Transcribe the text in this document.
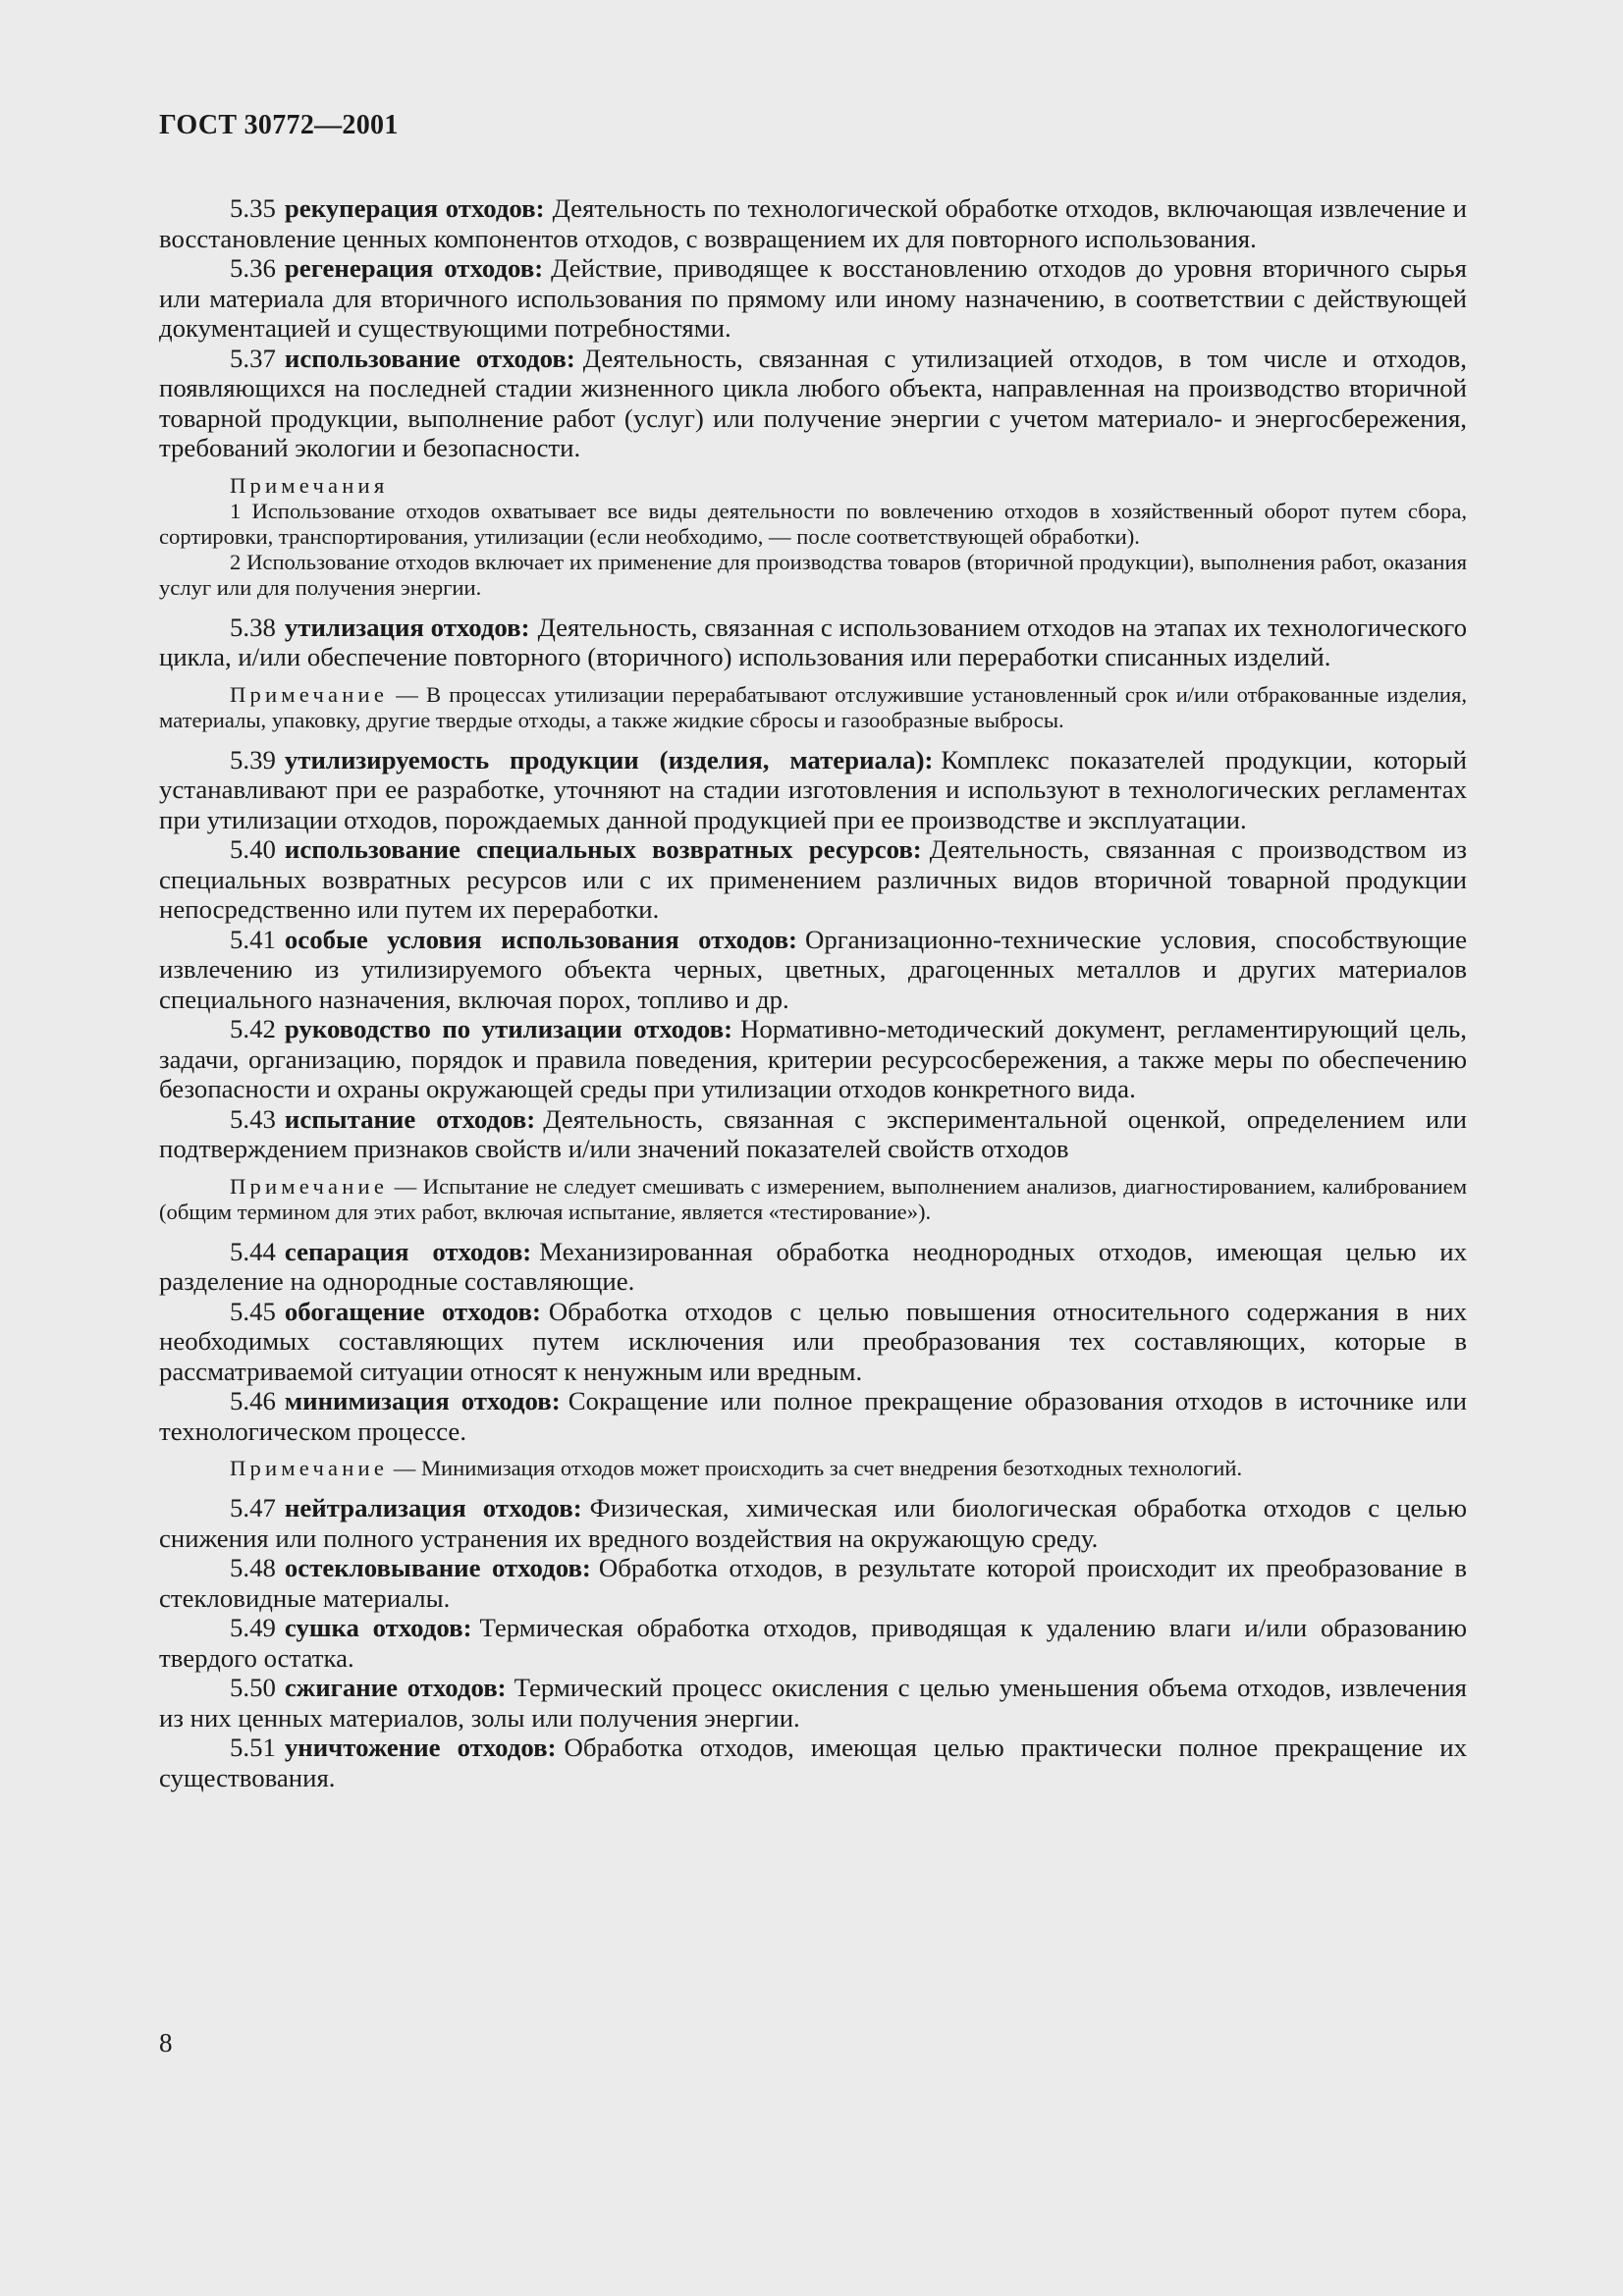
ГОСТ 30772—2001

5.35 рекуперация отходов: Деятельность по технологической обработке отходов, включающая извлечение и восстановление ценных компонентов отходов, с возвращением их для повторного использования.

5.36 регенерация отходов: Действие, приводящее к восстановлению отходов до уровня вторичного сырья или материала для вторичного использования по прямому или иному назначению, в соответствии с действующей документацией и существующими потребностями.

5.37 использование отходов: Деятельность, связанная с утилизацией отходов, в том числе и отходов, появляющихся на последней стадии жизненного цикла любого объекта, направленная на производство вторичной товарной продукции, выполнение работ (услуг) или получение энергии с учетом материало- и энергосбережения, требований экологии и безопасности.

Примечания

1 Использование отходов охватывает все виды деятельности по вовлечению отходов в хозяйственный оборот путем сбора, сортировки, транспортирования, утилизации (если необходимо, — после соответствующей обработки).

2 Использование отходов включает их применение для производства товаров (вторичной продукции), выполнения работ, оказания услуг или для получения энергии.

5.38 утилизация отходов: Деятельность, связанная с использованием отходов на этапах их технологического цикла, и/или обеспечение повторного (вторичного) использования или переработки списанных изделий.

Примечание — В процессах утилизации перерабатывают отслужившие установленный срок и/или отбракованные изделия, материалы, упаковку, другие твердые отходы, а также жидкие сбросы и газообразные выбросы.

5.39 утилизируемость продукции (изделия, материала): Комплекс показателей продукции, который устанавливают при ее разработке, уточняют на стадии изготовления и используют в технологических регламентах при утилизации отходов, порождаемых данной продукцией при ее производстве и эксплуатации.

5.40 использование специальных возвратных ресурсов: Деятельность, связанная с производством из специальных возвратных ресурсов или с их применением различных видов вторичной товарной продукции непосредственно или путем их переработки.

5.41 особые условия использования отходов: Организационно-технические условия, способствующие извлечению из утилизируемого объекта черных, цветных, драгоценных металлов и других материалов специального назначения, включая порох, топливо и др.

5.42 руководство по утилизации отходов: Нормативно-методический документ, регламентирующий цель, задачи, организацию, порядок и правила поведения, критерии ресурсосбережения, а также меры по обеспечению безопасности и охраны окружающей среды при утилизации отходов конкретного вида.

5.43 испытание отходов: Деятельность, связанная с экспериментальной оценкой, определением или подтверждением признаков свойств и/или значений показателей свойств отходов

Примечание — Испытание не следует смешивать с измерением, выполнением анализов, диагностированием, калиброванием (общим термином для этих работ, включая испытание, является «тестирование»).

5.44 сепарация отходов: Механизированная обработка неоднородных отходов, имеющая целью их разделение на однородные составляющие.

5.45 обогащение отходов: Обработка отходов с целью повышения относительного содержания в них необходимых составляющих путем исключения или преобразования тех составляющих, которые в рассматриваемой ситуации относят к ненужным или вредным.

5.46 минимизация отходов: Сокращение или полное прекращение образования отходов в источнике или технологическом процессе.

Примечание — Минимизация отходов может происходить за счет внедрения безотходных технологий.

5.47 нейтрализация отходов: Физическая, химическая или биологическая обработка отходов с целью снижения или полного устранения их вредного воздействия на окружающую среду.

5.48 остекловывание отходов: Обработка отходов, в результате которой происходит их преобразование в стекловидные материалы.

5.49 сушка отходов: Термическая обработка отходов, приводящая к удалению влаги и/или образованию твердого остатка.

5.50 сжигание отходов: Термический процесс окисления с целью уменьшения объема отходов, извлечения из них ценных материалов, золы или получения энергии.

5.51 уничтожение отходов: Обработка отходов, имеющая целью практически полное прекращение их существования.

8
